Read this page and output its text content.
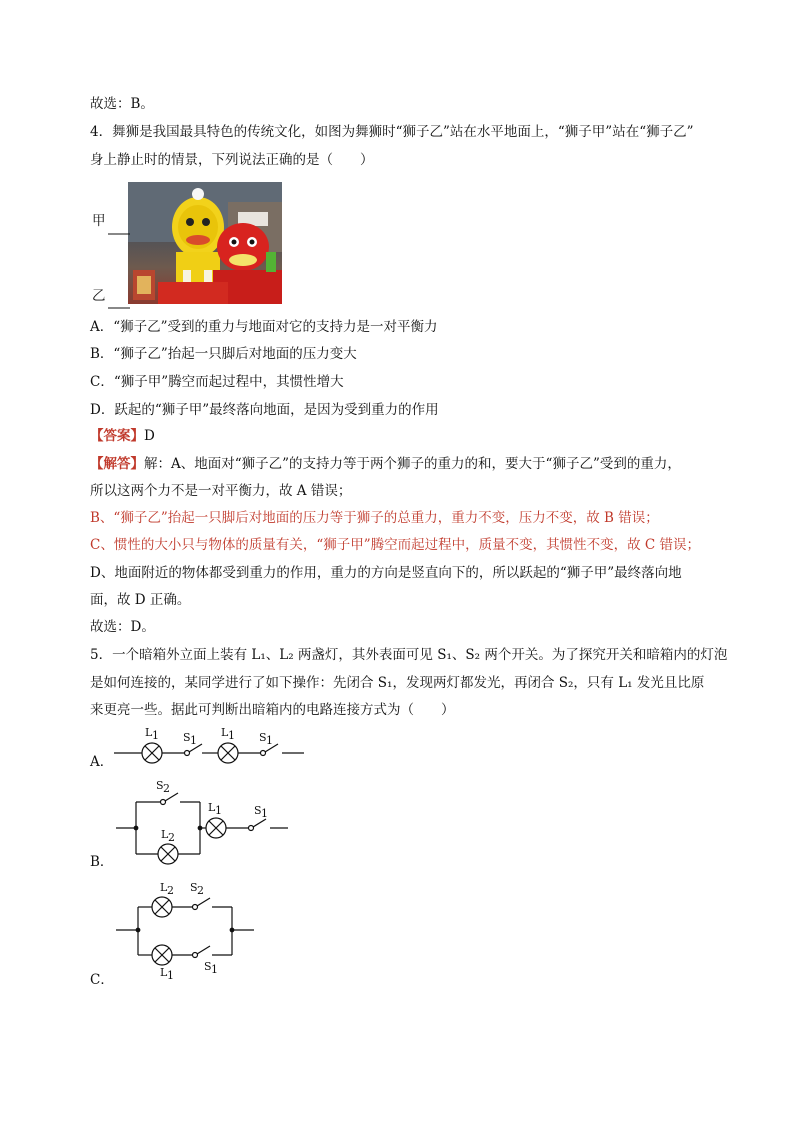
故选：B。
4．舞狮是我国最具特色的传统文化，如图为舞狮时“狮子乙”站在水平地面上，“狮子甲”站在“狮子乙”
身上静止时的情景，下列说法正确的是（　　）
甲
乙
A．“狮子乙”受到的重力与地面对它的支持力是一对平衡力
B．“狮子乙”抬起一只脚后对地面的压力变大
C．“狮子甲”腾空而起过程中，其惯性增大
D．跃起的“狮子甲”最终落向地面，是因为受到重力的作用
【答案】D
【解答】解：A、地面对“狮子乙”的支持力等于两个狮子的重力的和，要大于“狮子乙”受到的重力，
所以这两个力不是一对平衡力，故 A 错误；
B、“狮子乙”抬起一只脚后对地面的压力等于狮子的总重力，重力不变，压力不变，故 B 错误；
C、惯性的大小只与物体的质量有关，“狮子甲”腾空而起过程中，质量不变，其惯性不变，故 C 错误；
D、地面附近的物体都受到重力的作用，重力的方向是竖直向下的，所以跃起的“狮子甲”最终落向地
面，故 D 正确。
故选：D。
5．一个暗箱外立面上装有 L₁、L₂ 两盏灯，其外表面可见 S₁、S₂ 两个开关。为了探究开关和暗箱内的灯泡
是如何连接的，某同学进行了如下操作：先闭合 S₁，发现两灯都发光，再闭合 S₂，只有 L₁ 发光且比原
来更亮一些。据此可判断出暗箱内的电路连接方式为（　　）
L 1 S 1
L 1 S 1
A．
S 2
L 2
L 1	S 1
B．
L 2 S 2
L 1
S 1
C．
